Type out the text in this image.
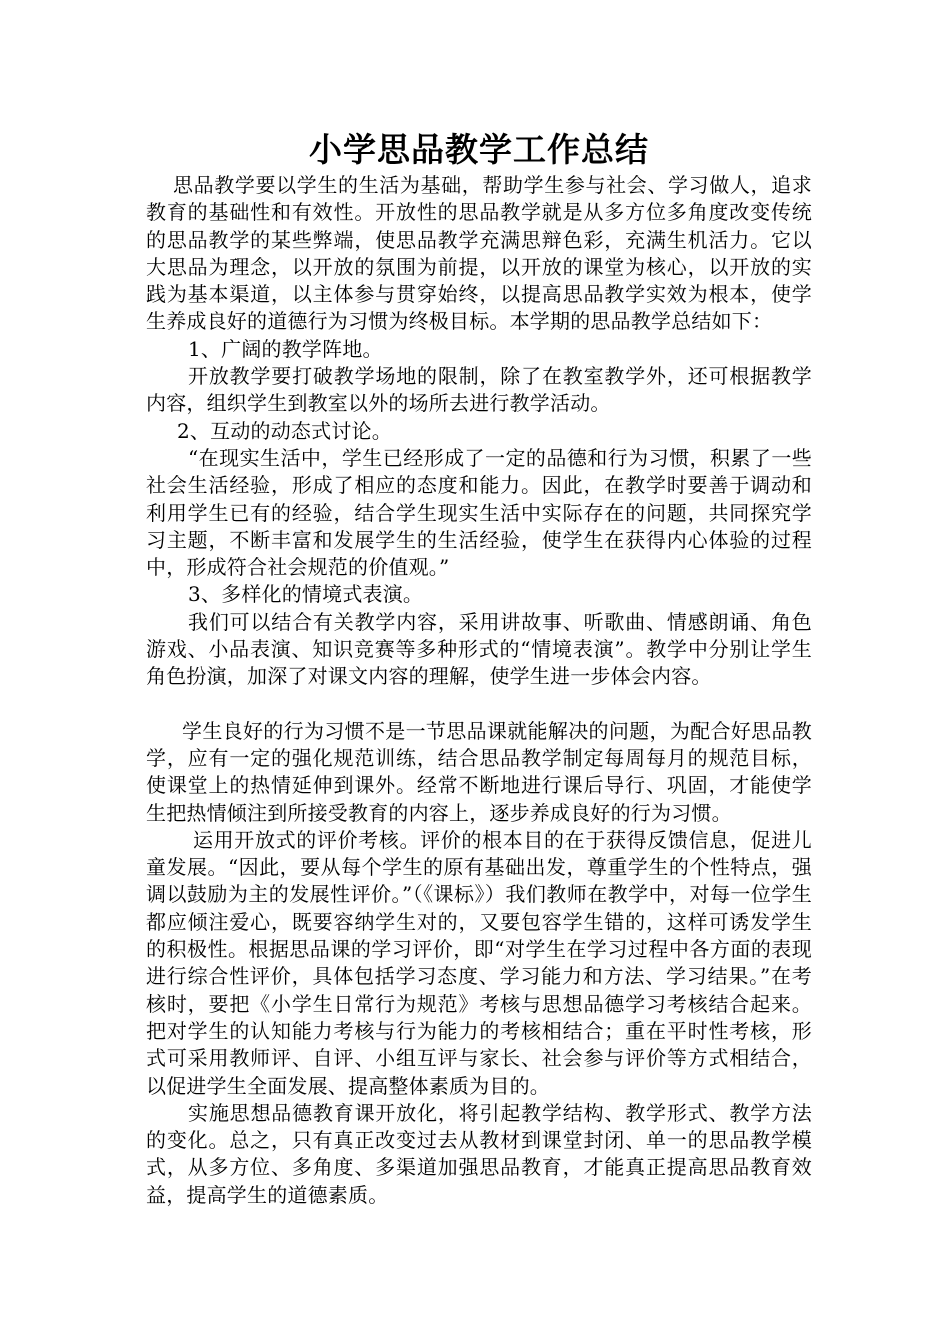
小学思品教学工作总结

思品教学要以学生的生活为基础，帮助学生参与社会、学习做人，追求教育的基础性和有效性。开放性的思品教学就是从多方位多角度改变传统的思品教学的某些弊端，使思品教学充满思辩色彩，充满生机活力。它以大思品为理念，以开放的氛围为前提，以开放的课堂为核心，以开放的实践为基本渠道，以主体参与贯穿始终，以提高思品教学实效为根本，使学生养成良好的道德行为习惯为终极目标。本学期的思品教学总结如下：

1、广阔的教学阵地。

开放教学要打破教学场地的限制，除了在教室教学外，还可根据教学内容，组织学生到教室以外的场所去进行教学活动。

2、互动的动态式讨论。

“在现实生活中，学生已经形成了一定的品德和行为习惯，积累了一些社会生活经验，形成了相应的态度和能力。因此，在教学时要善于调动和利用学生已有的经验，结合学生现实生活中实际存在的问题，共同探究学习主题，不断丰富和发展学生的生活经验，使学生在获得内心体验的过程中，形成符合社会规范的价值观。”

3、多样化的情境式表演。

我们可以结合有关教学内容，采用讲故事、听歌曲、情感朗诵、角色游戏、小品表演、知识竞赛等多种形式的“情境表演”。教学中分别让学生角色扮演，加深了对课文内容的理解，使学生进一步体会内容。

学生良好的行为习惯不是一节思品课就能解决的问题，为配合好思品教学，应有一定的强化规范训练，结合思品教学制定每周每月的规范目标，使课堂上的热情延伸到课外。经常不断地进行课后导行、巩固，才能使学生把热情倾注到所接受教育的内容上，逐步养成良好的行为习惯。

运用开放式的评价考核。评价的根本目的在于获得反馈信息，促进儿童发展。“因此，要从每个学生的原有基础出发，尊重学生的个性特点，强调以鼓励为主的发展性评价。”（《课标》）我们教师在教学中，对每一位学生都应倾注爱心，既要容纳学生对的，又要包容学生错的，这样可诱发学生的积极性。根据思品课的学习评价，即“对学生在学习过程中各方面的表现进行综合性评价，具体包括学习态度、学习能力和方法、学习结果。”在考核时，要把《小学生日常行为规范》考核与思想品德学习考核结合起来。把对学生的认知能力考核与行为能力的考核相结合；重在平时性考核，形式可采用教师评、自评、小组互评与家长、社会参与评价等方式相结合，以促进学生全面发展、提高整体素质为目的。

实施思想品德教育课开放化，将引起教学结构、教学形式、教学方法的变化。总之，只有真正改变过去从教材到课堂封闭、单一的思品教学模式，从多方位、多角度、多渠道加强思品教育，才能真正提高思品教育效益，提高学生的道德素质。
